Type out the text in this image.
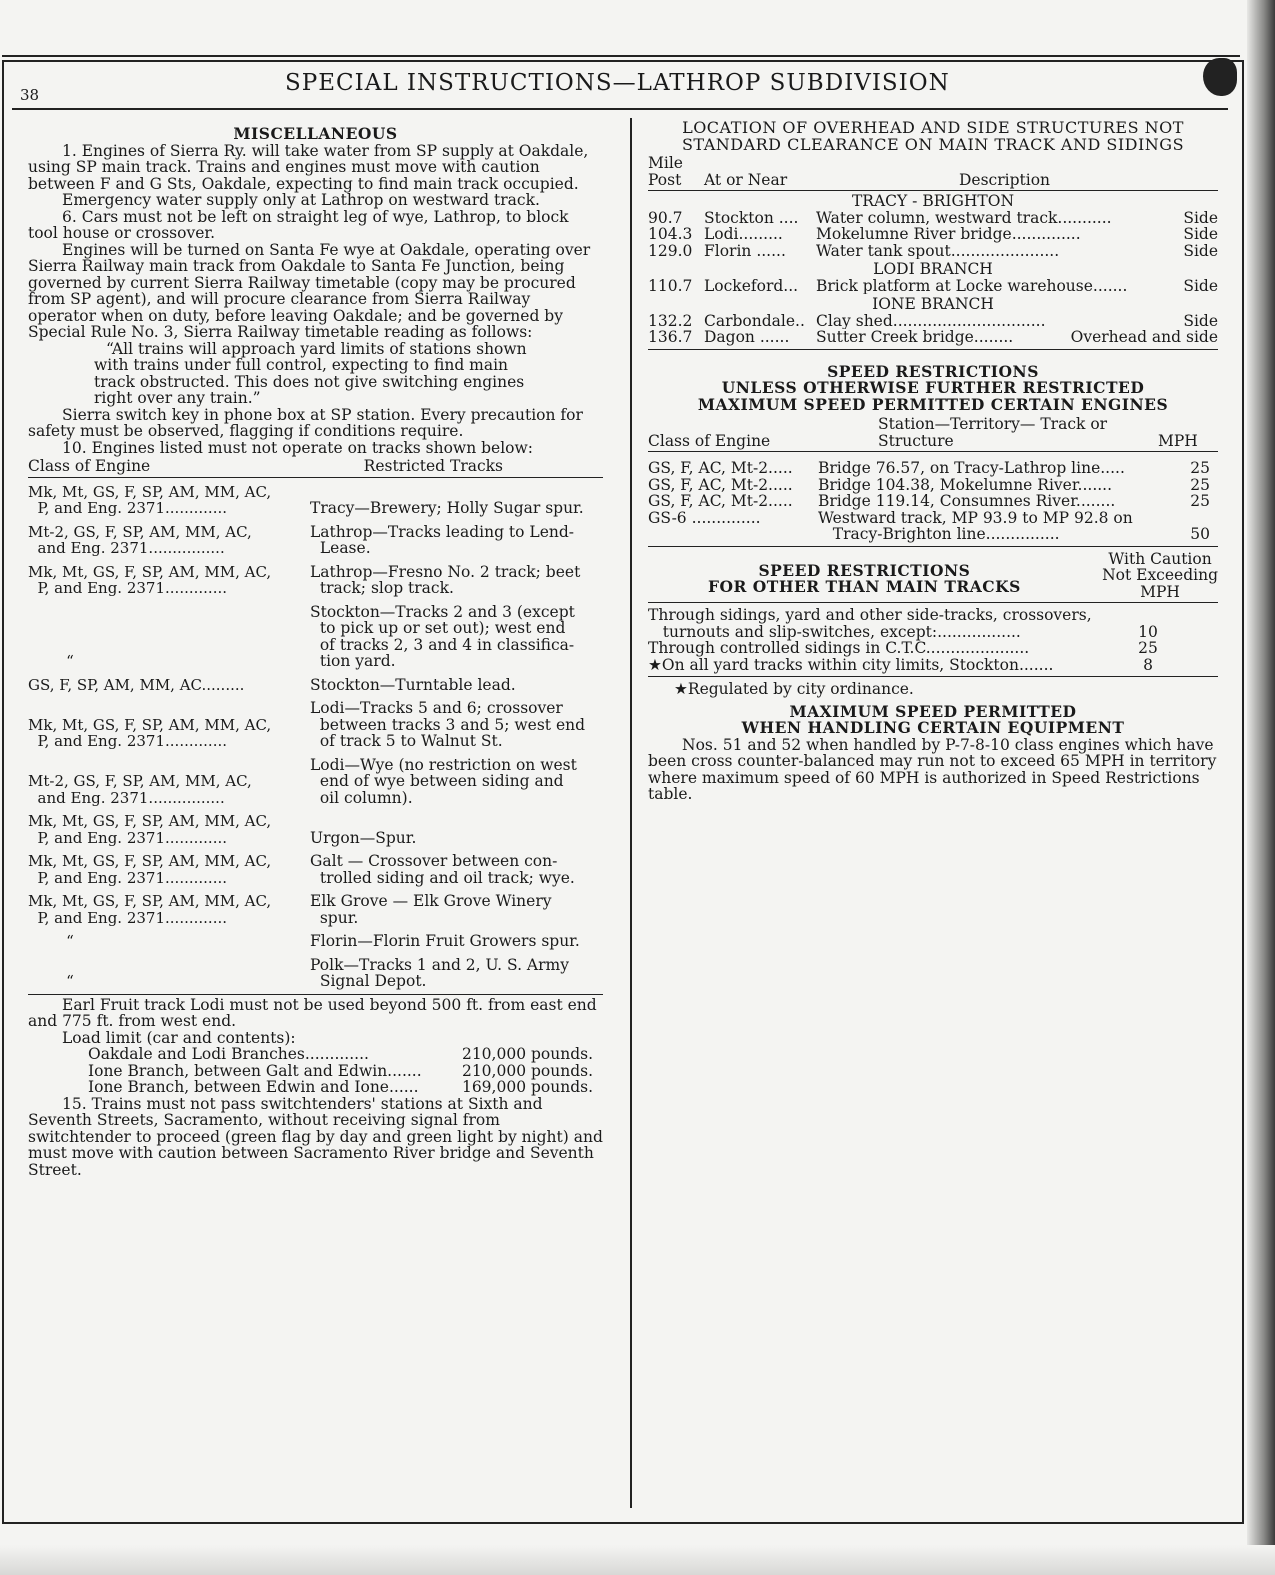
38	SPECIAL INSTRUCTIONS—LATHROP SUBDIVISION

MISCELLANEOUS

1. Engines of Sierra Ry. will take water from SP supply at Oakdale, using SP main track. Trains and engines must move with caution between F and G Sts, Oakdale, expecting to find main track occupied.

Emergency water supply only at Lathrop on westward track.

6. Cars must not be left on straight leg of wye, Lathrop, to block tool house or crossover.

Engines will be turned on Santa Fe wye at Oakdale, operating over Sierra Railway main track from Oakdale to Santa Fe Junction, being governed by current Sierra Railway timetable (copy may be procured from SP agent), and will procure clearance from Sierra Railway operator when on duty, before leaving Oakdale; and be governed by Special Rule No. 3, Sierra Railway timetable reading as follows:

“All trains will approach yard limits of stations shown with trains under full control, expecting to find main track obstructed. This does not give switching engines right over any train.”

Sierra switch key in phone box at SP station. Every precaution for safety must be observed, flagging if conditions require.

10. Engines listed must not operate on tracks shown below:

Class of Engine	Restricted Tracks
Mk, Mt, GS, F, SP, AM, MM, AC,
P, and Eng. 2371.............	Tracy—Brewery; Holly Sugar spur.
Mt-2, GS, F, SP, AM, MM, AC,
and Eng. 2371................	Lathrop—Tracks leading to Lend-
Lease.
Mk, Mt, GS, F, SP, AM, MM, AC,
P, and Eng. 2371.............	Lathrop—Fresno No. 2 track; beet
track; slop track.
“	Stockton—Tracks 2 and 3 (except
to pick up or set out); west end
of tracks 2, 3 and 4 in classifica-
tion yard.
GS, F, SP, AM, MM, AC.........	Stockton—Turntable lead.
Mk, Mt, GS, F, SP, AM, MM, AC,
P, and Eng. 2371.............	Lodi—Tracks 5 and 6; crossover
between tracks 3 and 5; west end
of track 5 to Walnut St.
Mt-2, GS, F, SP, AM, MM, AC,
and Eng. 2371................	Lodi—Wye (no restriction on west
end of wye between siding and
oil column).
Mk, Mt, GS, F, SP, AM, MM, AC,
P, and Eng. 2371.............	Urgon—Spur.
Mk, Mt, GS, F, SP, AM, MM, AC,
P, and Eng. 2371.............	Galt — Crossover between con-
trolled siding and oil track; wye.
Mk, Mt, GS, F, SP, AM, MM, AC,
P, and Eng. 2371.............	Elk Grove — Elk Grove Winery
spur.
“	Florin—Florin Fruit Growers spur.
“	Polk—Tracks 1 and 2, U. S. Army
Signal Depot.

Earl Fruit track Lodi must not be used beyond 500 ft. from east end and 775 ft. from west end.

Load limit (car and contents):

Oakdale and Lodi Branches.............	210,000 pounds.
Ione Branch, between Galt and Edwin.......	210,000 pounds.
Ione Branch, between Edwin and Ione......	169,000 pounds.

15. Trains must not pass switchtenders' stations at Sixth and Seventh Streets, Sacramento, without receiving signal from switchtender to proceed (green flag by day and green light by night) and must move with caution between Sacramento River bridge and Seventh Street.

LOCATION OF OVERHEAD AND SIDE STRUCTURES NOT STANDARD CLEARANCE ON MAIN TRACK AND SIDINGS

Mile Post	At or Near	Description
TRACY - BRIGHTON
90.7	Stockton ....	Water column, westward track...........	Side
104.3 Lodi.........	Mokelumne River bridge..............	Side
129.0 Florin ......	Water tank spout......................	Side
LODI BRANCH
110.7 Lockeford...	Brick platform at Locke warehouse.......	Side
IONE BRANCH
132.2 Carbondale.. Clay shed...............................	Side
136.7 Dagon ......	Sutter Creek bridge........	Overhead and side

SPEED RESTRICTIONS

UNLESS OTHERWISE FURTHER RESTRICTED

MAXIMUM SPEED PERMITTED CERTAIN ENGINES

Class of Engine
Station—Territory— Track or Structure	MPH
GS, F, AC, Mt-2.....	Bridge 76.57, on Tracy-Lathrop line.....	25
GS, F, AC, Mt-2.....	Bridge 104.38, Mokelumne River.......	25
GS, F, AC, Mt-2.....	Bridge 119.14, Consumnes River........	25
GS-6 ..............	Westward track, MP 93.9 to MP 92.8 on
Tracy-Brighton line...............	50

SPEED RESTRICTIONS

FOR OTHER THAN MAIN TRACKS

With Caution

Not Exceeding

MPH

Through sidings, yard and other side-tracks, crossovers,
turnouts and slip-switches, except:.................	10
Through controlled sidings in C.T.C.....................	25
★On all yard tracks within city limits, Stockton.......	8

★Regulated by city ordinance.

MAXIMUM SPEED PERMITTED

WHEN HANDLING CERTAIN EQUIPMENT

Nos. 51 and 52 when handled by P-7-8-10 class engines which have been cross counter-balanced may run not to exceed 65 MPH in territory where maximum speed of 60 MPH is authorized in Speed Restrictions table.
